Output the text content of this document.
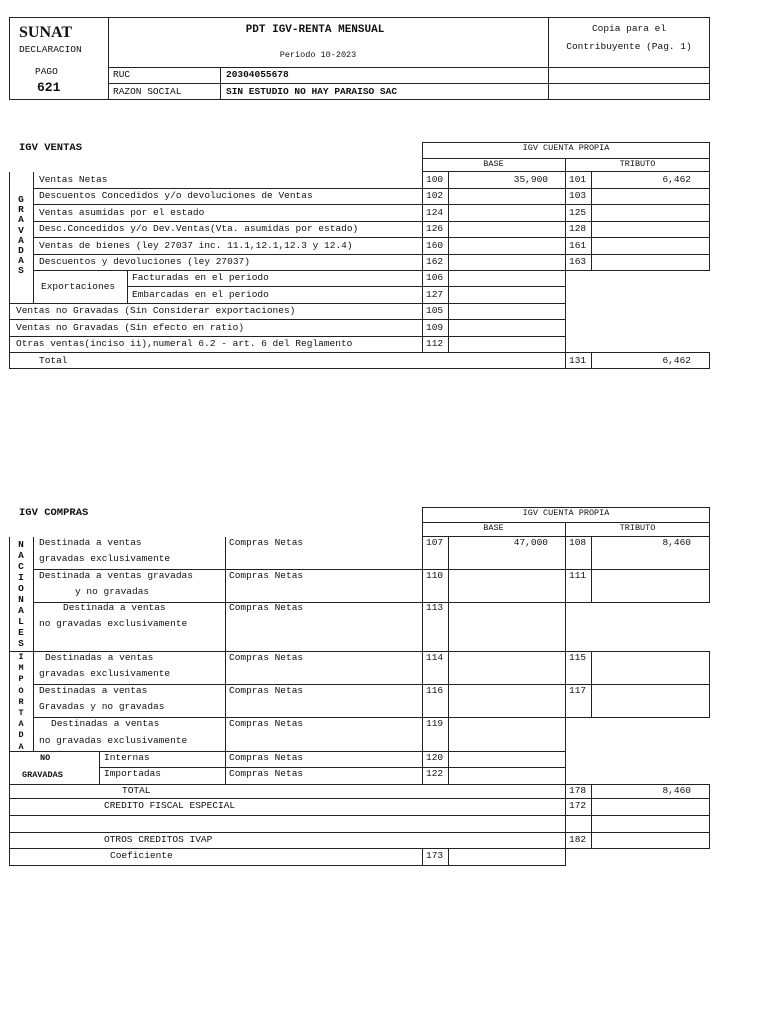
SUNAT
DECLARACION
PAGO
621
PDT IGV-RENTA MENSUAL
Periodo 10-2023
Copia para el
Contribuyente (Pag. 1)
RUC	20304055678
RAZON SOCIAL	SIN ESTUDIO NO HAY PARAISO SAC
IGV VENTAS	IGV CUENTA PROPIA
BASE	TRIBUTO
G
R
A
V
A
D
A
S
Ventas Netas	100	35,900 101	6,462
Descuentos Concedidos y/o devoluciones de Ventas	102	103
Ventas asumidas por el estado	124	125
Desc.Concedidos y/o Dev.Ventas(Vta. asumidas por estado)	126	128
Ventas de bienes (ley 27037 inc. 11.1,12.1,12.3 y 12.4)	160	161
Descuentos y devoluciones (ley 27037)	162	163
Exportaciones
Facturadas en el periodo	106
Embarcadas en el periodo	127
Ventas no Gravadas (Sin Considerar exportaciones)	105
Ventas no Gravadas (Sin efecto en ratio)	109
Otras ventas(inciso ii),numeral 6.2 - art. 6 del Reglamento	112
Total	131	6,462
IGV COMPRAS	IGV CUENTA PROPIA
BASE	TRIBUTO
N
A
C
I
O
N
A
L
E
S
I
M
P
O
R
T
A
D
A
Destinada a ventas
gravadas exclusivamente
Compras Netas	107	47,000 108	8,460
Destinada a ventas gravadas
y no gravadas
Compras Netas	110	111
Destinada a ventas
no gravadas exclusivamente
Compras Netas	113
Destinadas a ventas
gravadas exclusivamente
Compras Netas	114	115
Destinadas a ventas
Gravadas y no gravadas
Compras Netas	116	117
Destinadas a ventas
no gravadas exclusivamente
Compras Netas	119
NO
GRAVADAS
Internas	Compras Netas	120
Importadas	Compras Netas	122
TOTAL	178	8,460
CREDITO FISCAL ESPECIAL	172
OTROS CREDITOS IVAP	182
Coeficiente	173
